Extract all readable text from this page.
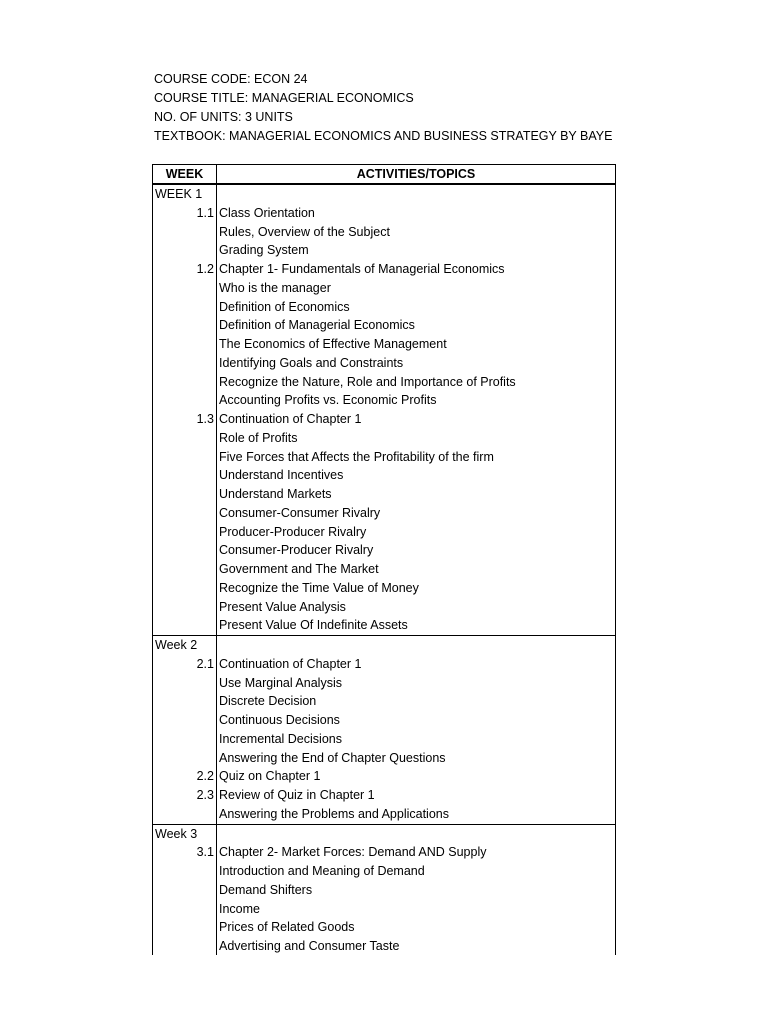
COURSE CODE: ECON 24
COURSE TITLE: MANAGERIAL ECONOMICS
NO. OF UNITS: 3 UNITS
TEXTBOOK: MANAGERIAL ECONOMICS AND BUSINESS STRATEGY BY BAYE
WEEK	ACTIVITIES/TOPICS
WEEK 1
1.1 Class Orientation
Rules, Overview of the Subject
Grading System
1.2 Chapter 1- Fundamentals of Managerial Economics
Who is the manager
Definition of Economics
Definition of Managerial Economics
The Economics of Effective Management
Identifying Goals and Constraints
Recognize the Nature, Role and Importance of Profits
Accounting Profits vs. Economic Profits
1.3 Continuation of Chapter 1
Role of Profits
Five Forces that Affects the Profitability of the firm
Understand Incentives
Understand Markets
Consumer-Consumer Rivalry
Producer-Producer Rivalry
Consumer-Producer Rivalry
Government and The Market
Recognize the Time Value of Money
Present Value Analysis
Present Value Of Indefinite Assets
Week 2
2.1 Continuation of Chapter 1
Use Marginal Analysis
Discrete Decision
Continuous Decisions
Incremental Decisions
Answering the End of Chapter Questions
2.2 Quiz on Chapter 1
2.3 Review of Quiz in Chapter 1
Answering the Problems and Applications
Week 3
3.1 Chapter 2- Market Forces: Demand AND Supply
Introduction and Meaning of Demand
Demand Shifters
Income
Prices of Related Goods
Advertising and Consumer Taste
